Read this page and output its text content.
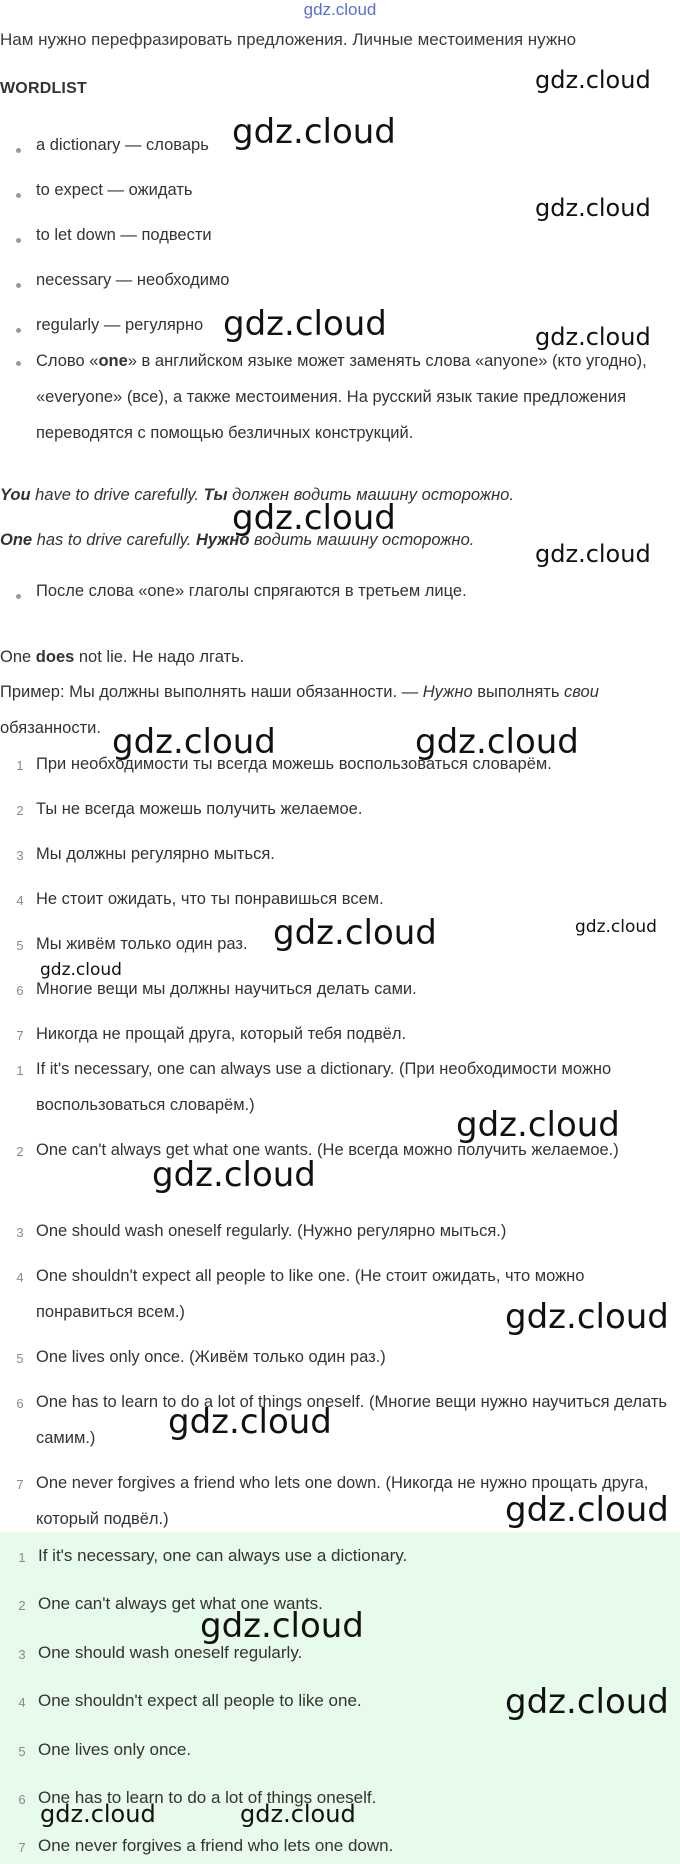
gdz.cloud
Нам нужно перефразировать предложения. Личные местоимения нужно
WORDLIST
a dictionary — словарь
to expect — ожидать
to let down — подвести
necessary — необходимо
regularly — регулярно
Слово «one» в английском языке может заменять слова «anyone» (кто угодно), «everyone» (все), а также местоимения. На русский язык такие предложения переводятся с помощью безличных конструкций.
You have to drive carefully. Ты должен водить машину осторожно.
One has to drive carefully. Нужно водить машину осторожно.
После слова «one» глаголы спрягаются в третьем лице.
One does not lie. Не надо лгать.
Пример: Мы должны выполнять наши обязанности. — Нужно выполнять свои обязанности.
1 При необходимости ты всегда можешь воспользоваться словарём.
2 Ты не всегда можешь получить желаемое.
3 Мы должны регулярно мыться.
4 Не стоит ожидать, что ты понравишься всем.
5 Мы живём только один раз.
6 Многие вещи мы должны научиться делать сами.
7 Никогда не прощай друга, который тебя подвёл.
1 If it's necessary, one can always use a dictionary. (При необходимости можно воспользоваться словарём.)
2 One can't always get what one wants. (Не всегда можно получить желаемое.)
3 One should wash oneself regularly. (Нужно регулярно мыться.)
4 One shouldn't expect all people to like one. (Не стоит ожидать, что можно понравиться всем.)
5 One lives only once. (Живём только один раз.)
6 One has to learn to do a lot of things oneself. (Многие вещи нужно научиться делать самим.)
7 One never forgives a friend who lets one down. (Никогда не нужно прощать друга, который подвёл.)
1 If it's necessary, one can always use a dictionary.
2 One can't always get what one wants.
3 One should wash oneself regularly.
4 One shouldn't expect all people to like one.
5 One lives only once.
6 One has to learn to do a lot of things oneself.
7 One never forgives a friend who lets one down.
gdz.cloud
gdz.cloud
gdz.cloud
gdz.cloud	gdz.cloud
gdz.cloud
gdz.cloud
gdz.cloud	gdz.cloud
gdz.cloud	gdz.cloud
gdz.cloud
gdz.cloud
gdz.cloud
gdz.cloud
gdz.cloud
gdz.cloud
gdz.cloud
gdz.cloud
gdz.cloud	gdz.cloud
